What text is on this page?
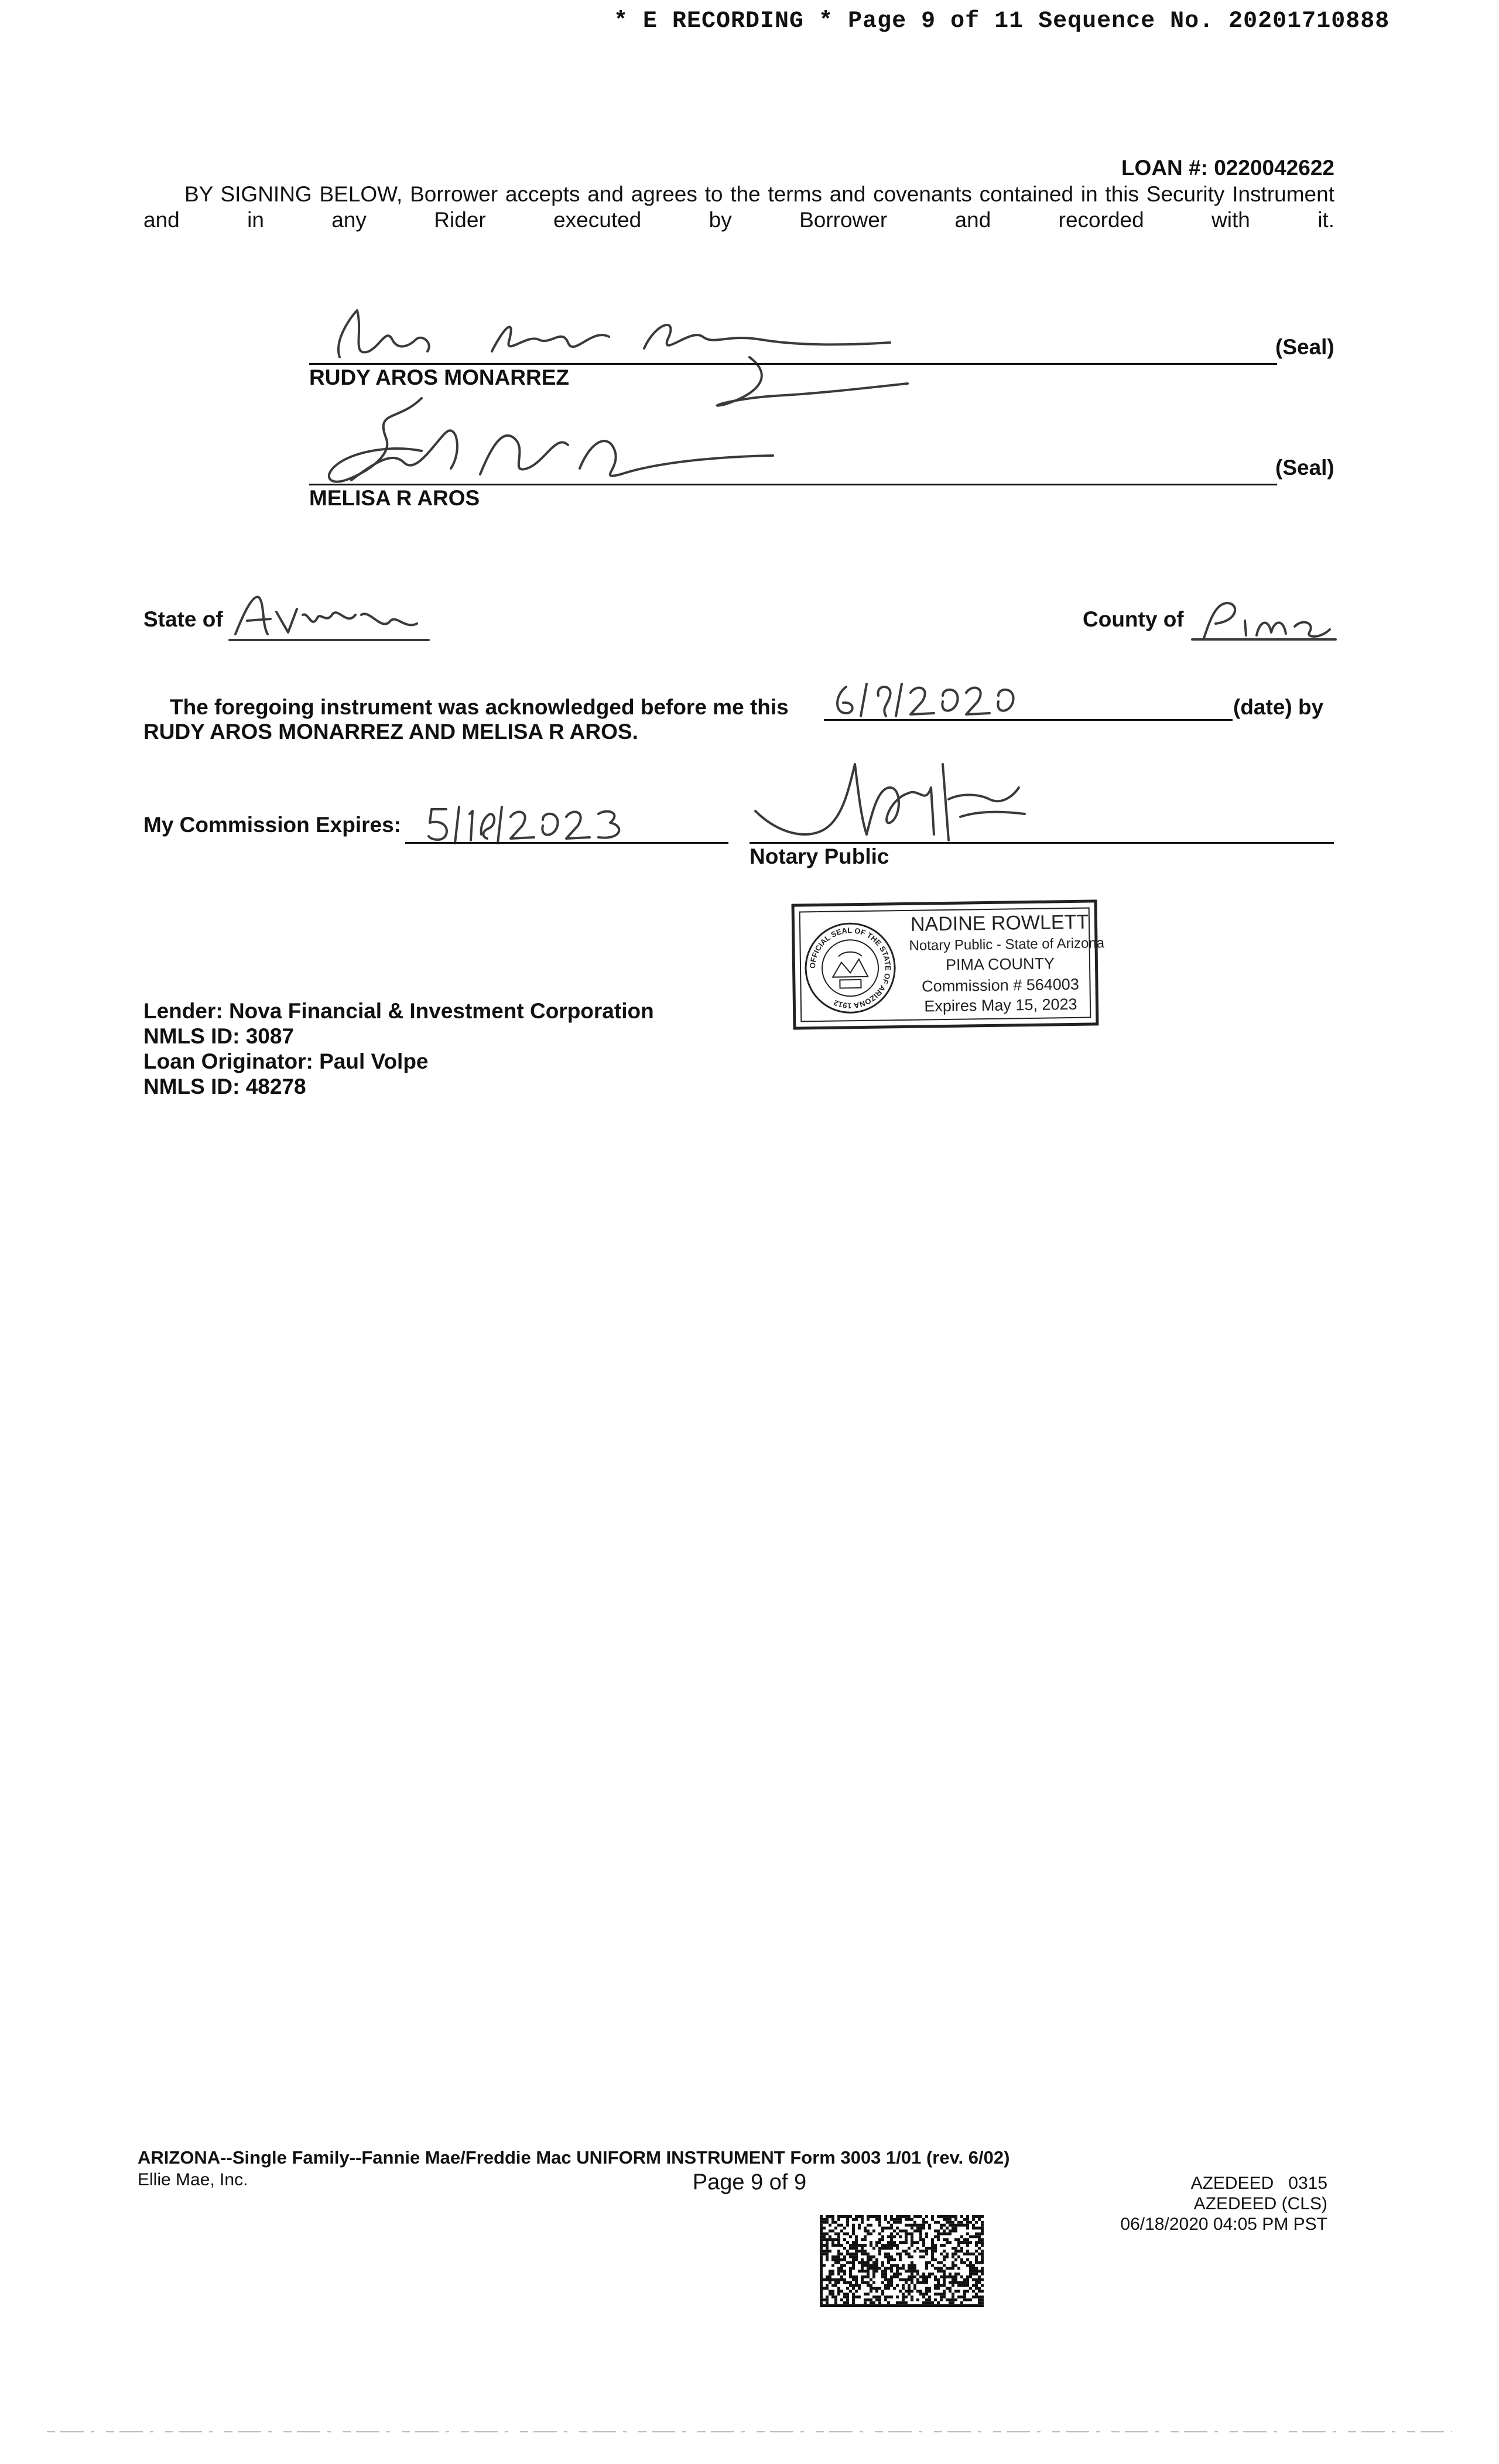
* E RECORDING * Page 9 of 11 Sequence No. 20201710888
LOAN #: 0220042622
BY SIGNING BELOW, Borrower accepts and agrees to the terms and covenants contained in this Security Instrument and in any Rider executed by Borrower and recorded with it.
(Seal)
RUDY AROS MONARREZ
(Seal)
MELISA R AROS
State of	County of
The foregoing instrument was acknowledged before me this	(date) by
RUDY AROS MONARREZ AND MELISA R AROS.
My Commission Expires:
Notary Public
OFFICIAL SEAL OF THE STATE OF ARIZONA 1912
NADINE ROWLETT
Notary Public - State of Arizona
PIMA COUNTY
Commission # 564003
Expires May 15, 2023
Lender: Nova Financial & Investment Corporation
NMLS ID: 3087
Loan Originator: Paul Volpe
NMLS ID: 48278
ARIZONA--Single Family--Fannie Mae/Freddie Mac UNIFORM INSTRUMENT Form 3003 1/01 (rev. 6/02)
Ellie Mae, Inc.	Page 9 of 9	AZEDEED   0315
AZEDEED (CLS)
06/18/2020 04:05 PM PST
